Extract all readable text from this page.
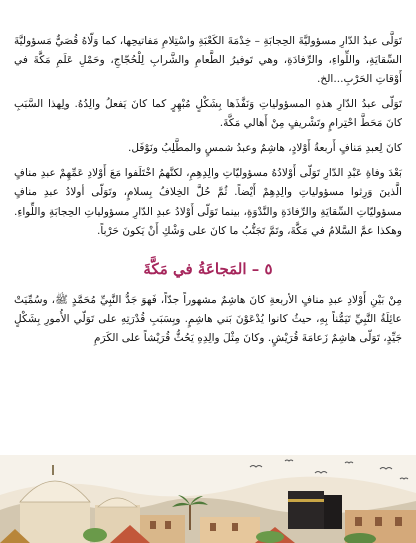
تَوَلَّى عبدُ الدّارِ مسؤوليَّةَ الحِجابَةِ – خِدْمَةَ الكَعْبَةِ واسْتِلامِ مَفاتيحِها، كما وَلّاهُ قُصَيٌّ مَسؤوليَّةَ السِّقايَةِ، واللِّواءِ، والرِّفادَةِ، وهي تَوفيرُ الطَّعامِ والشَّرابِ لِلْحُجّاجِ، وحَمْلِ عَلَمِ مَكَّةَ في أَوْقاتِ الحَرْبِ...الخ.

تَوَلّى عبدُ الدّارِ هذهِ المسؤولياتِ وَنَفَّذَها بِشَكْلٍ مُبْهِرٍ كما كانَ يَفعلُ والِدُهُ. ولِهذا السَّبَبِ كانَ مَحَطَّ احْتِرامٍ وتَشْريفٍ مِنْ أَهالي مَكَّةَ.

كانَ لِعبدِ مَنافٍ أَربعةُ أَوْلادٍ، هاشِمٌ وعبدُ شمسٍ والمطَّلِبُ ونَوْفَل.

بَعْدَ وفاةِ عَبْدِ الدّارِ تَوَلّى أَوْلادُهُ مسؤوليّاتِ والِدِهِمِ، لكنَّهمُ اخْتَلَفوا مَعَ أَوْلادِ عَمِّهِمْ عبدِ منافٍ الَّذينَ وَرِثوا مسؤولياتِ والِدِهِمْ أَيْضاً. ثُمَّ حُلَّ الخِلافُ بِسلامٍ، وتَوَلّى أولادُ عبدِ منافٍ مسؤوليّاتِ السِّقايَةِ والرِّفادَةِ والنَّدْوَةِ، بينما تَوَلّى أَوْلادُ عبدِ الدّارِ مسؤولياتِ الحِجابَةِ واللِّواءِ. وهكذا عمَّ السَّلامُ في مَكَّةَ، وتَمَّ تَجَنُّبُ ما كانَ على وَشْكِ أَنْ يَكونَ حَرْباً.

٥ – المَجاعَةُ في مَكَّةَ

مِنْ بَيْنِ أَوْلادِ عبدِ منافٍ الأربعةِ كانَ هاشِمٌ مشهوراً جدّاً، فَهوَ جَدُّ النَّبِيِّ مُحَمَّدٍ ﷺ، وسُمِّيَتْ عائِلَةُ النَّبِيِّ تَيَمُّناً بِهِ، حيثُ كانوا يُدْعَوْنَ بَني هاشِمٍ. وبِسَبَبِ قُدْرَتِهِ على تَوَلّي الأُمورِ بِشَكْلٍ جَيِّدٍ، تَوَلّى هاشِمٌ زَعامَةَ قُرَيْشٍ. وكانَ مِثْلَ والِدِهِ يَحُثُّ قُرَيْشاً على الكَرَمِ
